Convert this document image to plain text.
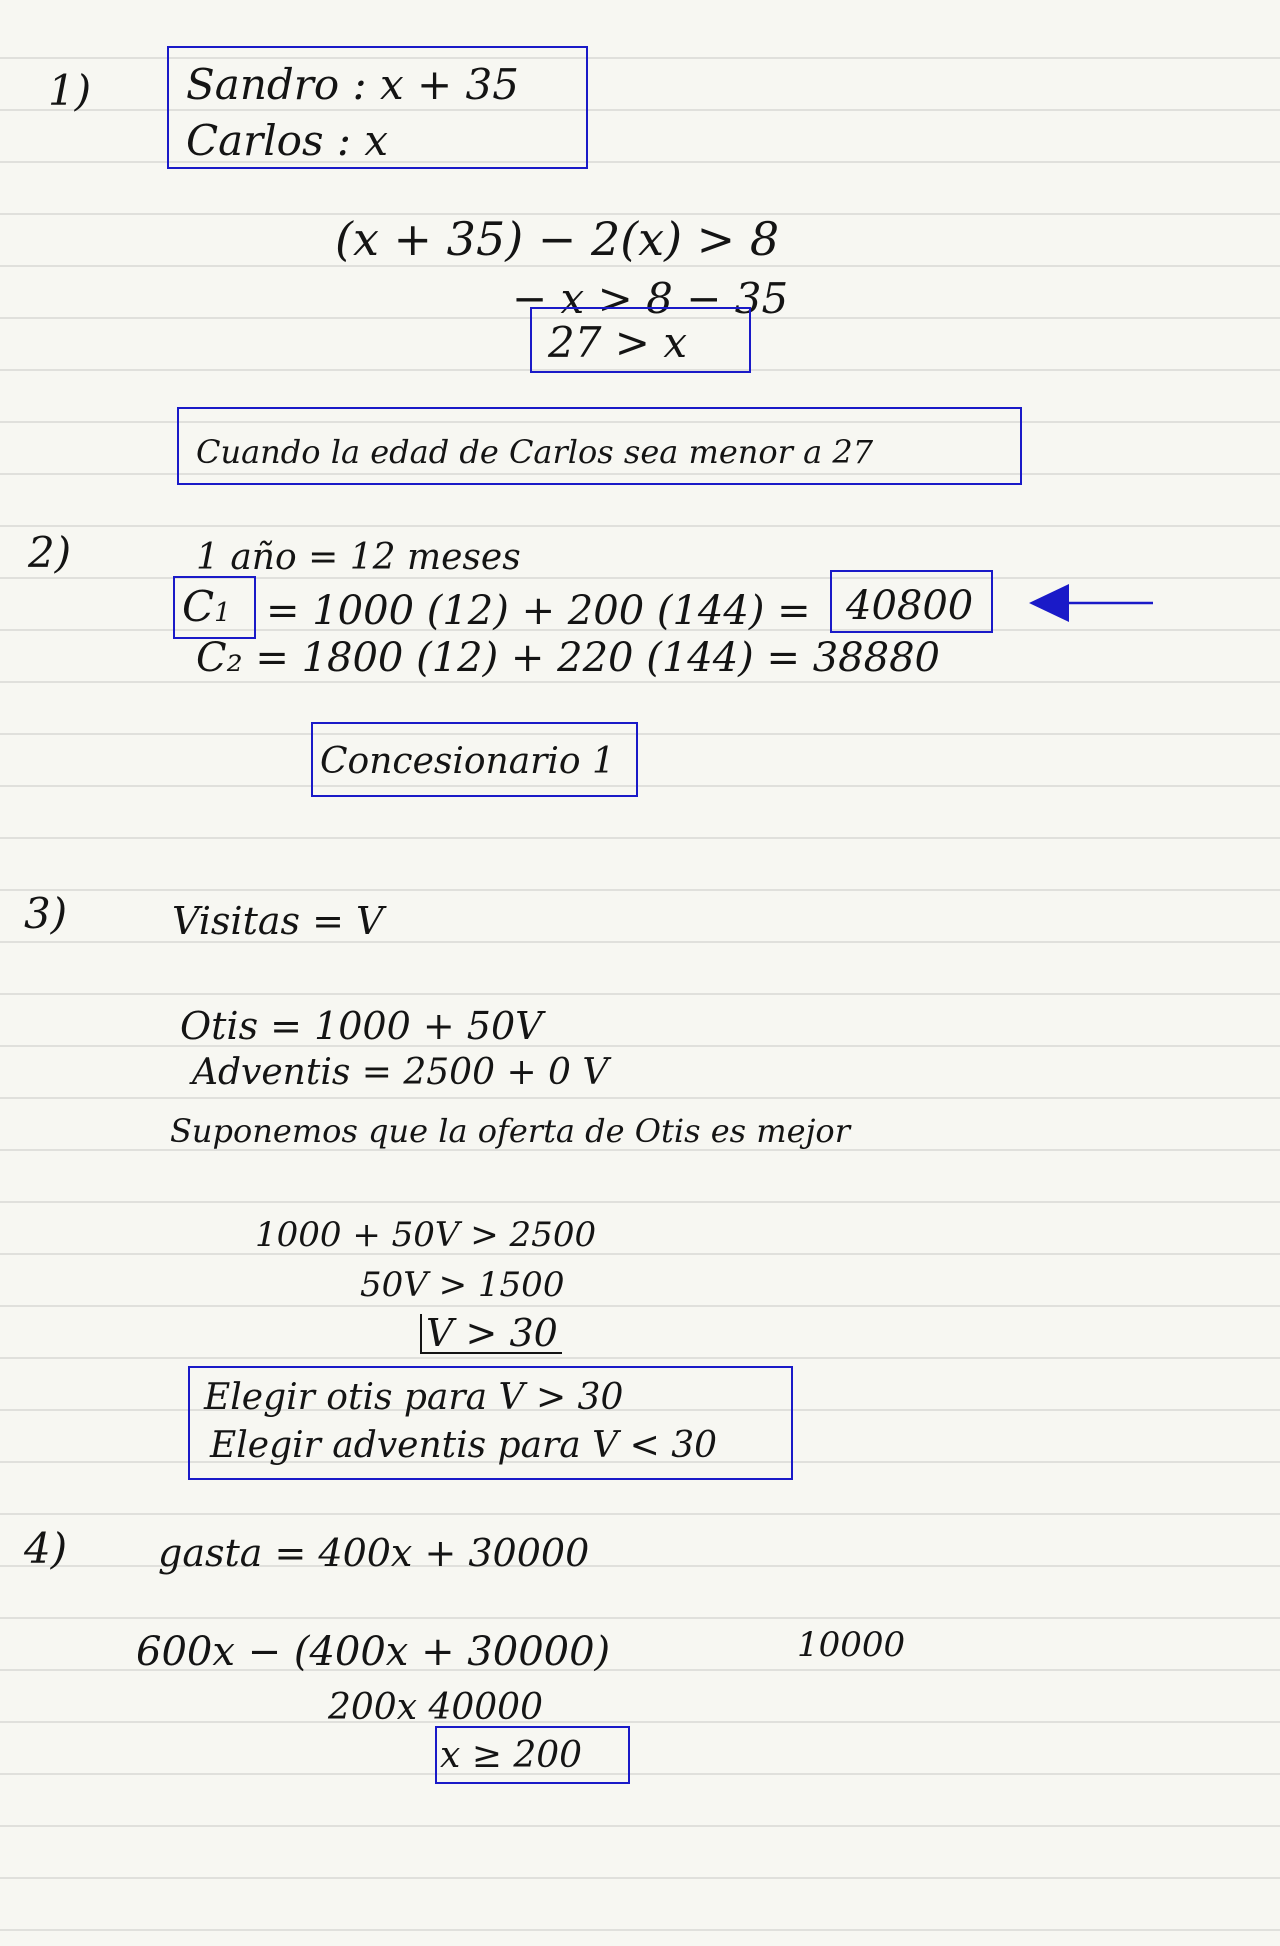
1) Sandro : x + 35
Carlos : x
(x + 35) − 2(x) > 8
− x > 8 − 35
27 > x
Cuando la edad de Carlos sea menor a 27
2)	1 año = 12 meses
C1 = 1000 (12) + 200 (144) = 40800
C₂ = 1800 (12) + 220 (144) = 38880
Concesionario 1
3)	Visitas = V
Otis = 1000 + 50V
Adventis = 2500 + 0 V
Suponemos que la oferta de Otis es mejor
1000 + 50V > 2500
50V > 1500
V > 30
Elegir otis para V > 30
Elegir adventis para V < 30
4) gasta = 400x + 30000
600x − (400x + 30000)	10000
200x 40000
x ≥ 200
